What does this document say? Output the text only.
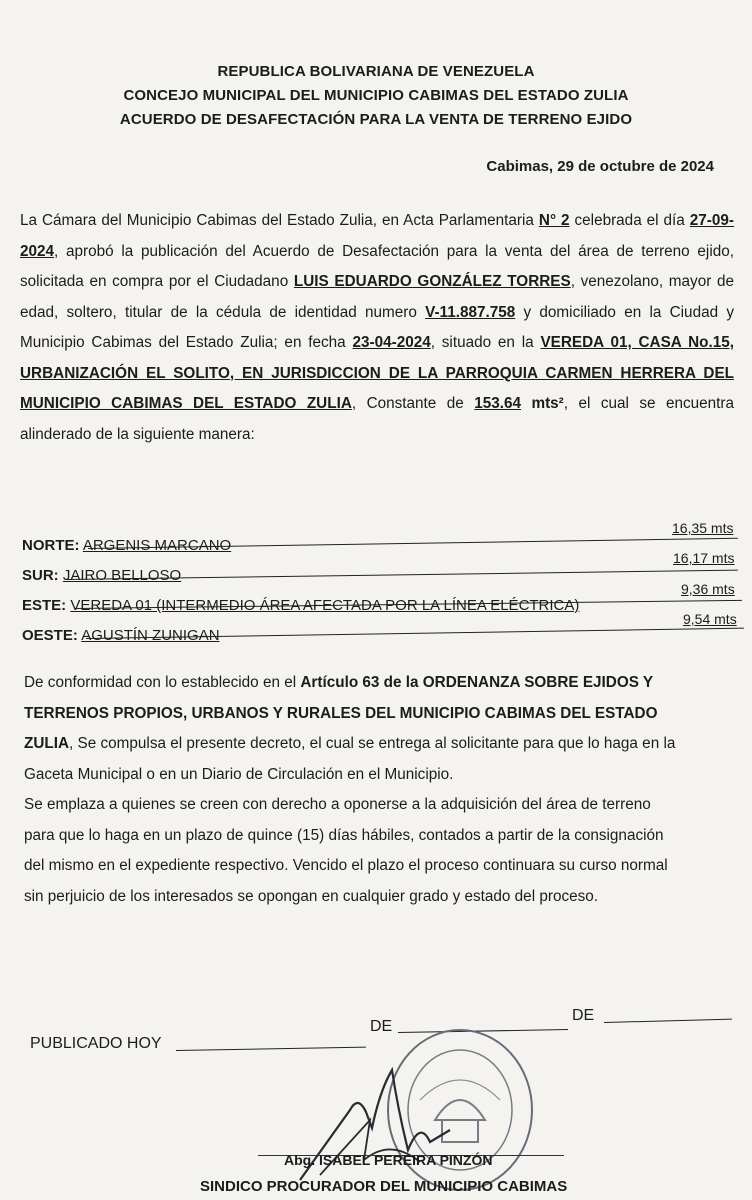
REPUBLICA BOLIVARIANA DE VENEZUELA
CONCEJO MUNICIPAL DEL MUNICIPIO CABIMAS DEL ESTADO ZULIA
ACUERDO DE DESAFECTACIÓN PARA LA VENTA DE TERRENO EJIDO
Cabimas, 29 de octubre de 2024
La Cámara del Municipio Cabimas del Estado Zulia, en Acta Parlamentaria N° 2 celebrada el día 27-09-2024, aprobó la publicación del Acuerdo de Desafectación para la venta del área de terreno ejido, solicitada en compra por el Ciudadano LUIS EDUARDO GONZÁLEZ TORRES, venezolano, mayor de edad, soltero, titular de la cédula de identidad numero V-11.887.758 y domiciliado en la Ciudad y Municipio Cabimas del Estado Zulia; en fecha 23-04-2024, situado en la VEREDA 01, CASA No.15, URBANIZACIÓN EL SOLITO, EN JURISDICCION DE LA PARROQUIA CARMEN HERRERA DEL MUNICIPIO CABIMAS DEL ESTADO ZULIA, Constante de 153.64 mts², el cual se encuentra alinderado de la siguiente manera:
16,35 mts
NORTE: ARGENIS MARCANO
16,17 mts
SUR: JAIRO BELLOSO
9,36 mts
ESTE: VEREDA 01 (INTERMEDIO ÁREA AFECTADA POR LA LÍNEA ELÉCTRICA)
9,54 mts
OESTE: AGUSTÍN ZUNIGAN
De conformidad con lo establecido en el Artículo 63 de la ORDENANZA SOBRE EJIDOS Y
TERRENOS PROPIOS, URBANOS Y RURALES DEL MUNICIPIO CABIMAS DEL ESTADO
ZULIA, Se compulsa el presente decreto, el cual se entrega al solicitante para que lo haga en la
Gaceta Municipal o en un Diario de Circulación en el Municipio.
Se emplaza a quienes se creen con derecho a oponerse a la adquisición del área de terreno
para que lo haga en un plazo de quince (15) días hábiles, contados a partir de la consignación
del mismo en el expediente respectivo. Vencido el plazo el proceso continuara su curso normal
sin perjuicio de los interesados se opongan en cualquier grado y estado del proceso.
PUBLICADO HOY
DE
DE
Abg. ISABEL PEREIRA PINZÓN
SINDICO PROCURADOR DEL MUNICIPIO CABIMAS
